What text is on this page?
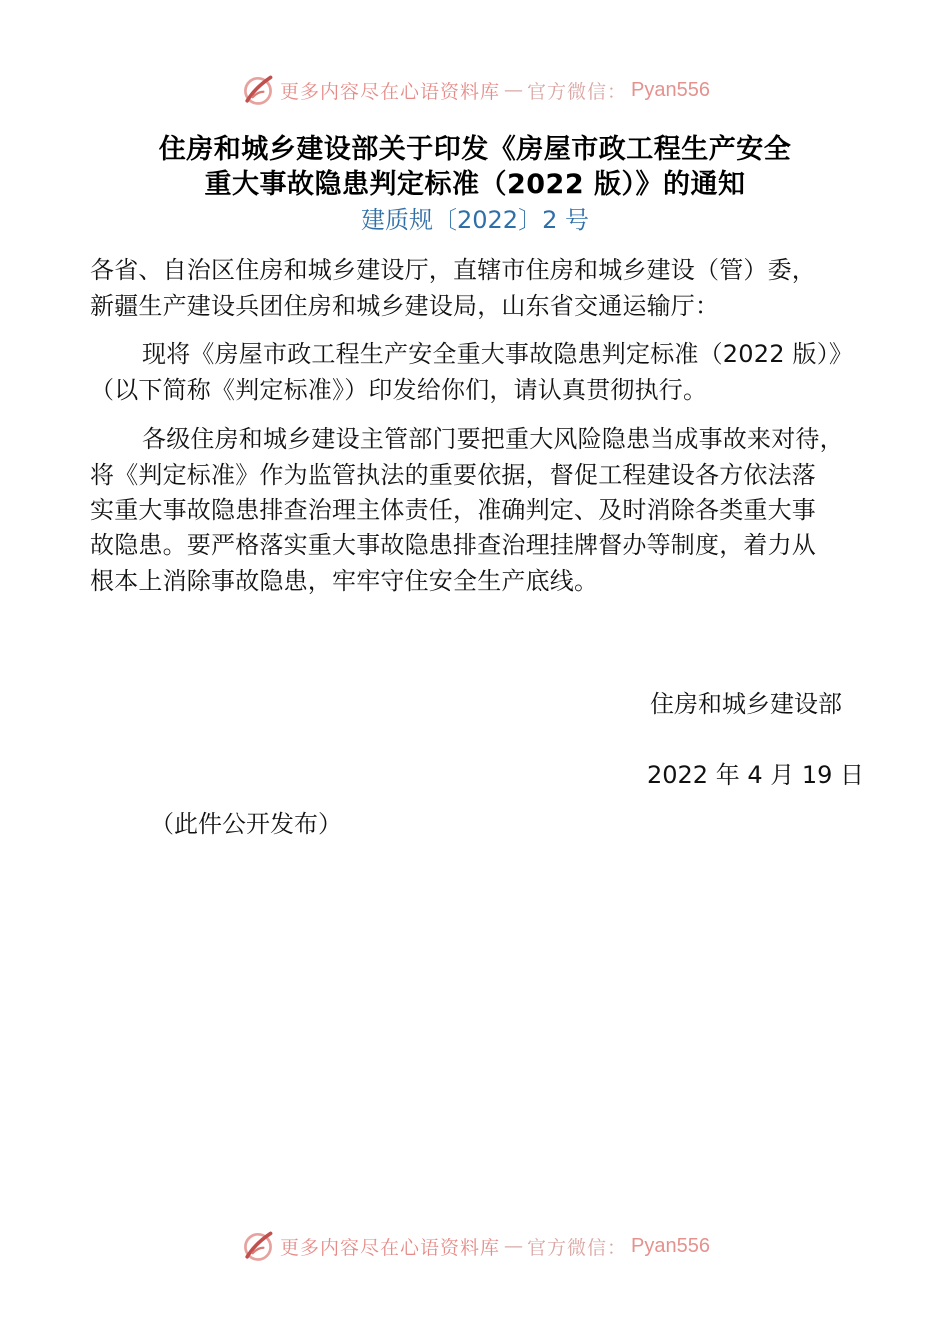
更多内容尽在心语资料库 — 官方微信： Pyan556
住房和城乡建设部关于印发《房屋市政工程生产安全
重大事故隐患判定标准（2022 版）》的通知
建质规〔2022〕2 号
各省、自治区住房和城乡建设厅，直辖市住房和城乡建设（管）委，
新疆生产建设兵团住房和城乡建设局，山东省交通运输厅：
现将《房屋市政工程生产安全重大事故隐患判定标准（2022 版）》
（以下简称《判定标准》）印发给你们，请认真贯彻执行。
各级住房和城乡建设主管部门要把重大风险隐患当成事故来对待，
将《判定标准》作为监管执法的重要依据，督促工程建设各方依法落
实重大事故隐患排查治理主体责任，准确判定、及时消除各类重大事
故隐患。要严格落实重大事故隐患排查治理挂牌督办等制度，着力从
根本上消除事故隐患，牢牢守住安全生产底线。
住房和城乡建设部
2022 年 4 月 19 日
（此件公开发布）
更多内容尽在心语资料库 — 官方微信： Pyan556
